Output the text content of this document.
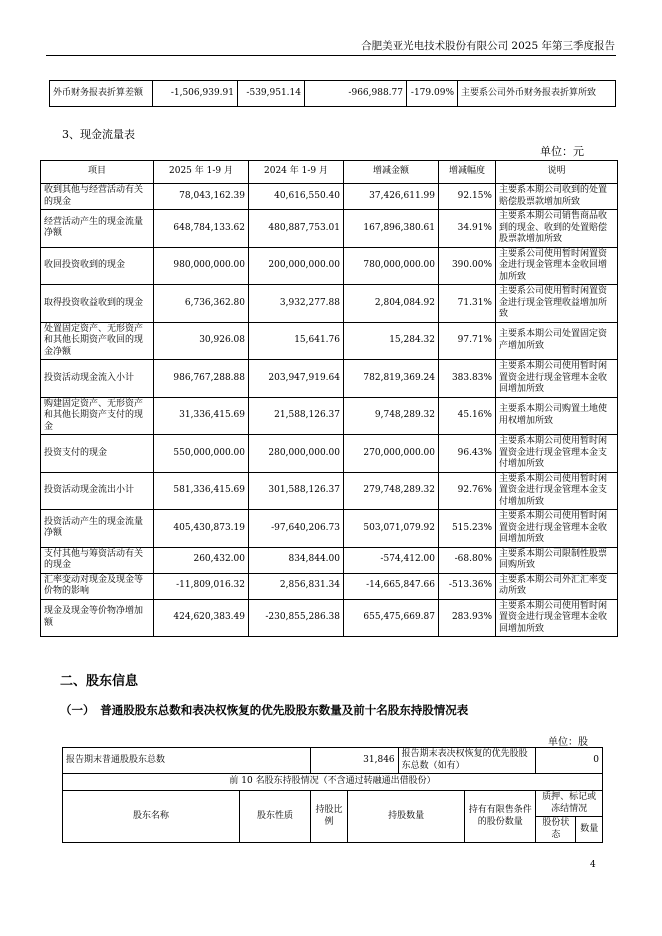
合肥美亚光电技术股份有限公司 2025 年第三季度报告
外币财务报表折算差额	-1,506,939.91	-539,951.14	-966,988.77	-179.09%	主要系公司外币财务报表折算所致
3、现金流量表
单位：元
项目	2025 年 1-9 月	2024 年 1-9 月	增减金额	增减幅度	说明
收到其他与经营活动有关的现金	78,043,162.39	40,616,550.40	37,426,611.99	92.15%	主要系本期公司收到的处置赔偿股票款增加所致
经营活动产生的现金流量净额	648,784,133.62	480,887,753.01	167,896,380.61	34.91%	主要系本期公司销售商品收到的现金、收到的处置赔偿股票款增加所致
收回投资收到的现金	980,000,000.00	200,000,000.00	780,000,000.00	390.00%	主要系公司使用暂时闲置资金进行现金管理本金收回增加所致
取得投资收益收到的现金	6,736,362.80	3,932,277.88	2,804,084.92	71.31%	主要系公司使用暂时闲置资金进行现金管理收益增加所致
处置固定资产、无形资产和其他长期资产收回的现金净额	30,926.08	15,641.76	15,284.32	97.71%	主要系本期公司处置固定资产增加所致
投资活动现金流入小计	986,767,288.88	203,947,919.64	782,819,369.24	383.83%	主要系本期公司使用暂时闲置资金进行现金管理本金收回增加所致
购建固定资产、无形资产和其他长期资产支付的现金	31,336,415.69	21,588,126.37	9,748,289.32	45.16%	主要系本期公司购置土地使用权增加所致
投资支付的现金	550,000,000.00	280,000,000.00	270,000,000.00	96.43%	主要系本期公司使用暂时闲置资金进行现金管理本金支付增加所致
投资活动现金流出小计	581,336,415.69	301,588,126.37	279,748,289.32	92.76%	主要系本期公司使用暂时闲置资金进行现金管理本金支付增加所致
投资活动产生的现金流量净额	405,430,873.19	-97,640,206.73	503,071,079.92	515.23%	主要系本期公司使用暂时闲置资金进行现金管理本金收回增加所致
支付其他与筹资活动有关的现金	260,432.00	834,844.00	-574,412.00	-68.80%	主要系本期公司限制性股票回购所致
汇率变动对现金及现金等价物的影响	-11,809,016.32	2,856,831.34	-14,665,847.66	-513.36%	主要系本期公司外汇汇率变动所致
现金及现金等价物净增加额	424,620,383.49	-230,855,286.38	655,475,669.87	283.93%	主要系本期公司使用暂时闲置资金进行现金管理本金收回增加所致
二、股东信息
（一）　普通股股东总数和表决权恢复的优先股股东数量及前十名股东持股情况表
单位：股
报告期末普通股股东总数		31,846		报告期末表决权恢复的优先股股东总数（如有）		0	
前 10 名股东持股情况（不含通过转融通出借股份）							
股东名称	股东性质	持股比例	持股数量		持有有限售条件的股份数量	质押、标记或冻结情况	
						股份状态	数量
4
